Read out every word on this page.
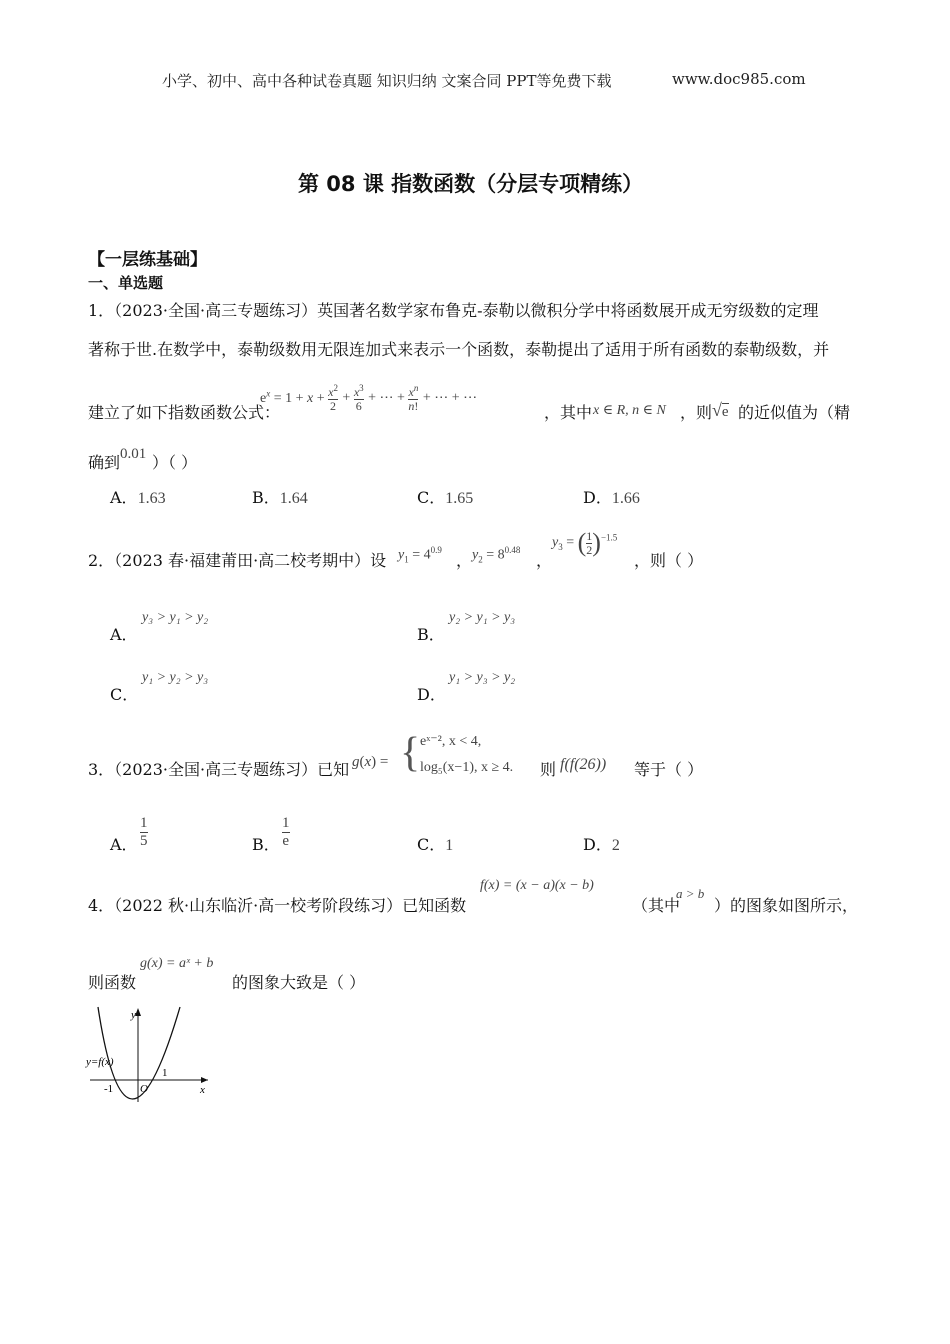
小学、初中、高中各种试卷真题 知识归纳 文案合同 PPT等免费下载	www.doc985.com
第 08 课 指数函数（分层专项精练）
【一层练基础】
一、单选题
1．（2023·全国·高三专题练习）英国著名数学家布鲁克-泰勒以微积分学中将函数展开成无穷级数的定理
著称于世.在数学中，泰勒级数用无限连加式来表示一个函数，泰勒提出了适用于所有函数的泰勒级数，并
建立了如下指数函数公式：
$e^x = 1 + x + \frac{x^2}{2} + \frac{x^3}{6}$ + ⋯ + $\frac{x^n}{n!}$ + ⋯ + ⋯
，其中 x ∈ R, n ∈ N ，则 √e 的近似值为（精
确到 0.01 ）（ ）
A．1.63	B．1.64	C．1.65	D．1.66
2．（2023 春·福建莆田·高二校考期中）设 $y_1 = 4^{0.9}$
， $y_2 = 8^{0.48}$
，
$y_3$ = ( $\frac{1}{2} )^{-1.5}$
，则（ ）
A．
y₃ > y₁ > y₂
B．
y₂ > y₁ > y₃
C．
y₁ > y₂ > y₃
D．
y₁ > y₃ > y₂
3．（2023·全国·高三专题练习）已知 g(x) = { eˣ⁻², x < 4,
log₅(x−1), x ≥ 4. 则 f(f(26)) 等于（ ）
A． $\frac{1}{5}$	B． $\frac{1}{e}$	C．1	D．2
4．（2022 秋·山东临沂·高一校考阶段练习）已知函数
f(x) = (x − a)(x − b)
（其中
a > b
）的图象如图所示，
则函数
g(x) = aˣ + b
的图象大致是（ ）
y
x
y=f(x)
O
-1
1
